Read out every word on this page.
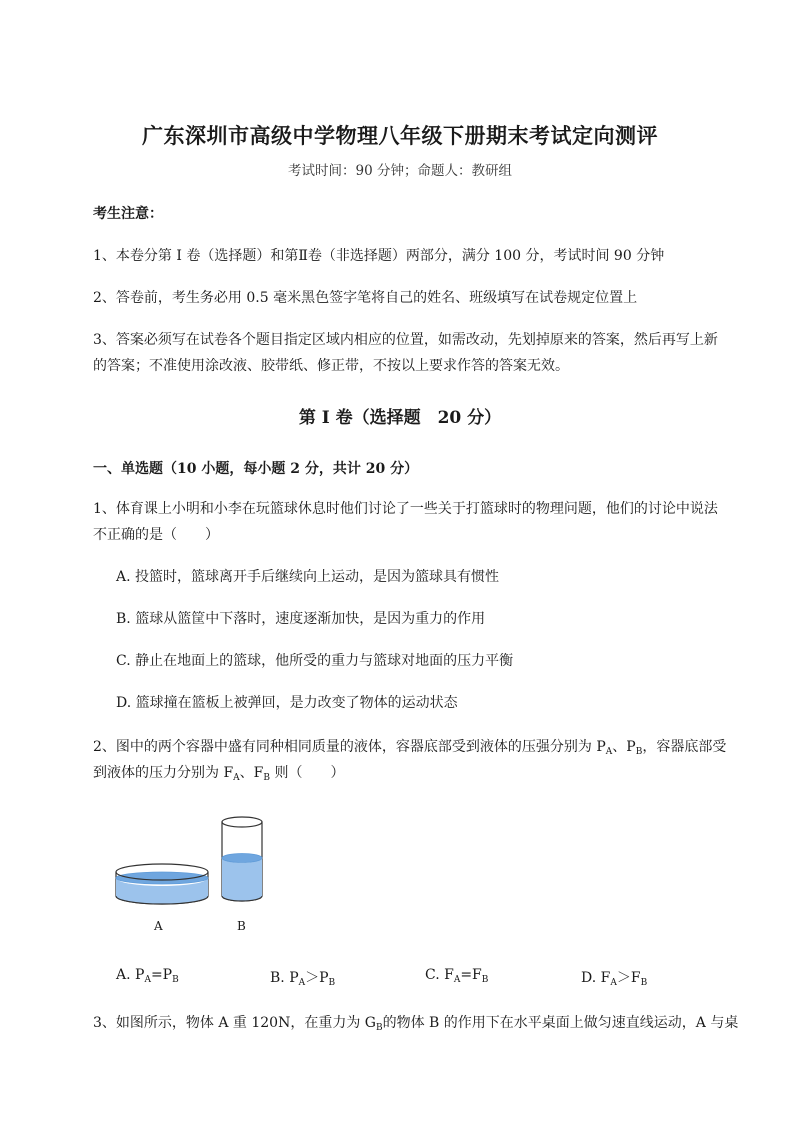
广东深圳市高级中学物理八年级下册期末考试定向测评
考试时间：90 分钟；命题人：教研组
考生注意：
1、本卷分第 I 卷（选择题）和第Ⅱ卷（非选择题）两部分，满分 100 分，考试时间 90 分钟
2、答卷前，考生务必用 0.5 毫米黑色签字笔将自己的姓名、班级填写在试卷规定位置上
3、答案必须写在试卷各个题目指定区域内相应的位置，如需改动，先划掉原来的答案，然后再写上新
的答案；不准使用涂改液、胶带纸、修正带，不按以上要求作答的答案无效。
第 I 卷（选择题　20 分）
一、单选题（10 小题，每小题 2 分，共计 20 分）
1、体育课上小明和小李在玩篮球休息时他们讨论了一些关于打篮球时的物理问题，他们的讨论中说法
不正确的是（　　）
A. 投篮时，篮球离开手后继续向上运动，是因为篮球具有惯性
B. 篮球从篮筐中下落时，速度逐渐加快，是因为重力的作用
C. 静止在地面上的篮球，他所受的重力与篮球对地面的压力平衡
D. 篮球撞在篮板上被弹回，是力改变了物体的运动状态
2、图中的两个容器中盛有同种相同质量的液体，容器底部受到液体的压强分别为 $P_A$、$P_B$，容器底部受
到液体的压力分别为 $F_A$、$F_B$ 则（　　）
A	B
A. $P_A=P_B$	B. $P_A>P_B$	C. $F_A=F_B$	D. $F_A>F_B$
3、如图所示，物体 A 重 120N，在重力为 $G_B$的物体 B 的作用下在水平桌面上做匀速直线运动，A 与桌
